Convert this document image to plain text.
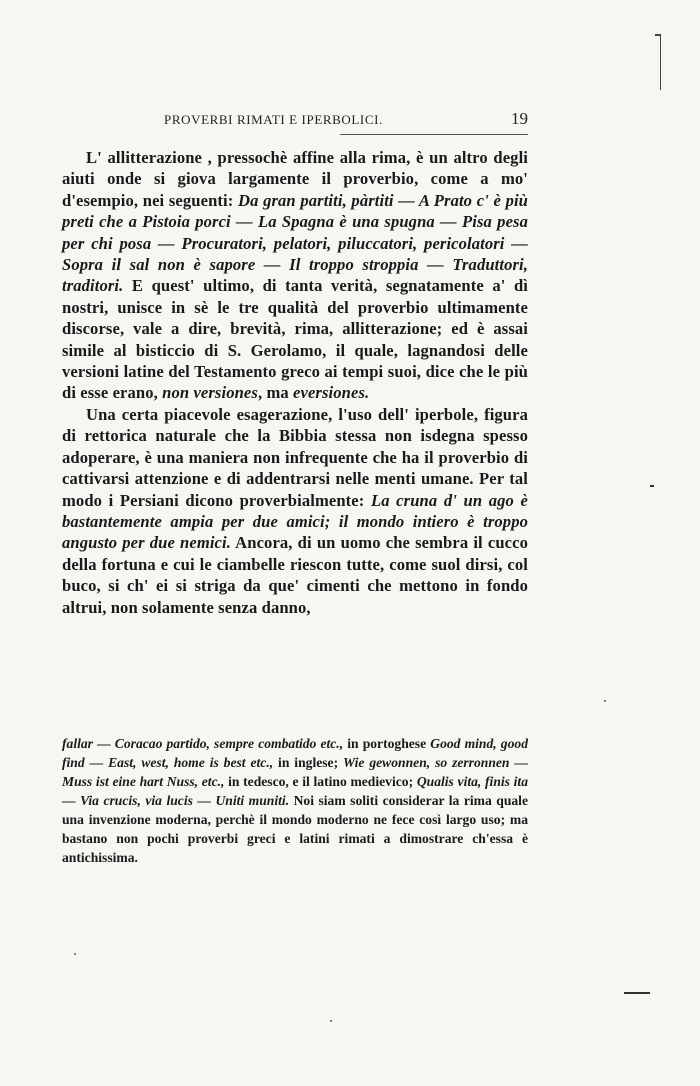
PROVERBI RIMATI E IPERBOLICI.	19

L' allitterazione , pressochè affine alla rima, è un altro degli aiuti onde si giova largamente il proverbio, come a mo' d'esempio, nei seguenti: Da gran partiti, pàrtiti — A Prato c' è più preti che a Pistoia porci — La Spagna è una spugna — Pisa pesa per chi posa — Procuratori, pelatori, piluccatori, pericolatori — Sopra il sal non è sapore — Il troppo stroppia — Traduttori, traditori. E quest' ultimo, di tanta verità, segnatamente a' dì nostri, unisce in sè le tre qualità del proverbio ultimamente discorse, vale a dire, brevità, rima, allitterazione; ed è assai simile al bisticcio di S. Gerolamo, il quale, lagnandosi delle versioni latine del Testamento greco ai tempi suoi, dice che le più di esse erano, non versiones, ma eversiones.

Una certa piacevole esagerazione, l'uso dell' iperbole, figura di rettorica naturale che la Bibbia stessa non isdegna spesso adoperare, è una maniera non infrequente che ha il proverbio di cattivarsi attenzione e di addentrarsi nelle menti umane. Per tal modo i Persiani dicono proverbialmente: La cruna d' un ago è bastantemente ampia per due amici; il mondo intiero è troppo angusto per due nemici. Ancora, di un uomo che sembra il cucco della fortuna e cui le ciambelle riescon tutte, come suol dirsi, col buco, si ch' ei si striga da que' cimenti che mettono in fondo altrui, non solamente senza danno,

fallar — Coracao partido, sempre combatido etc., in portoghese Good mind, good find — East, west, home is best etc., in inglese; Wie gewonnen, so zerronnen — Muss ist eine hart Nuss, etc., in tedesco, e il latino medievico; Qualis vita, finis ita — Via crucis, via lucis — Uniti muniti. Noi siam soliti considerar la rima quale una invenzione moderna, perchè il mondo moderno ne fece così largo uso; ma bastano non pochi proverbi greci e latini rimati a dimostrare ch'essa è antichissima.
